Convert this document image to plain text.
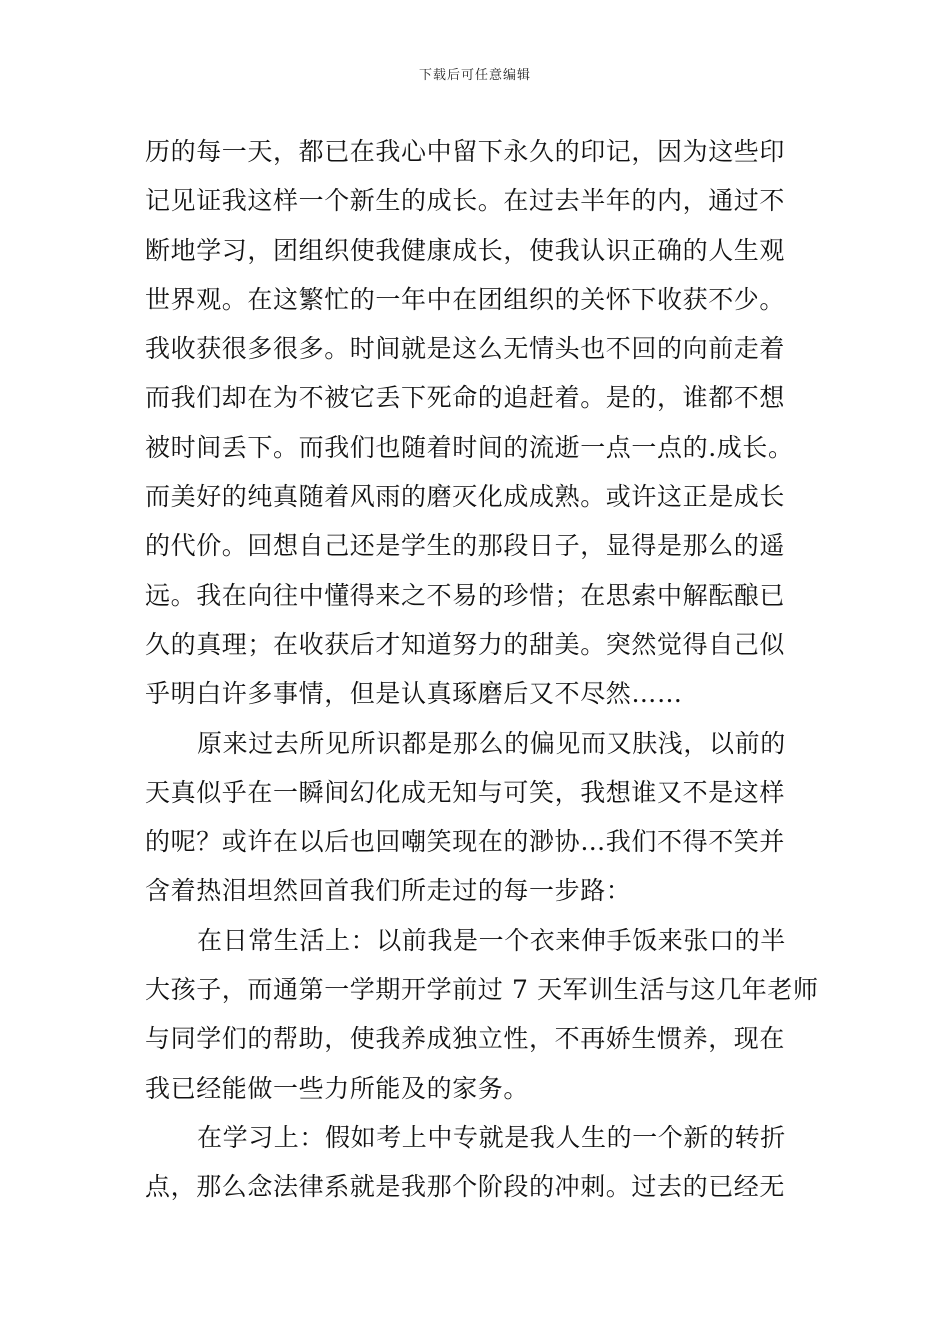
下载后可任意编辑
历的每一天，都已在我心中留下永久的印记，因为这些印
记见证我这样一个新生的成长。在过去半年的内，通过不
断地学习，团组织使我健康成长，使我认识正确的人生观
世界观。在这繁忙的一年中在团组织的关怀下收获不少。
我收获很多很多。时间就是这么无情头也不回的向前走着
而我们却在为不被它丢下死命的追赶着。是的，谁都不想
被时间丢下。而我们也随着时间的流逝一点一点的.成长。
而美好的纯真随着风雨的磨灭化成成熟。或许这正是成长
的代价。回想自己还是学生的那段日子，显得是那么的遥
远。我在向往中懂得来之不易的珍惜；在思索中解酝酿已
久的真理；在收获后才知道努力的甜美。突然觉得自己似
乎明白许多事情，但是认真琢磨后又不尽然……
原来过去所见所识都是那么的偏见而又肤浅，以前的
天真似乎在一瞬间幻化成无知与可笑，我想谁又不是这样
的呢？或许在以后也回嘲笑现在的渺协…我们不得不笑并
含着热泪坦然回首我们所走过的每一步路：
在日常生活上：以前我是一个衣来伸手饭来张口的半
大孩子，而通第一学期开学前过 7 天军训生活与这几年老师
与同学们的帮助，使我养成独立性，不再娇生惯养，现在
我已经能做一些力所能及的家务。
在学习上：假如考上中专就是我人生的一个新的转折
点，那么念法律系就是我那个阶段的冲刺。过去的已经无
